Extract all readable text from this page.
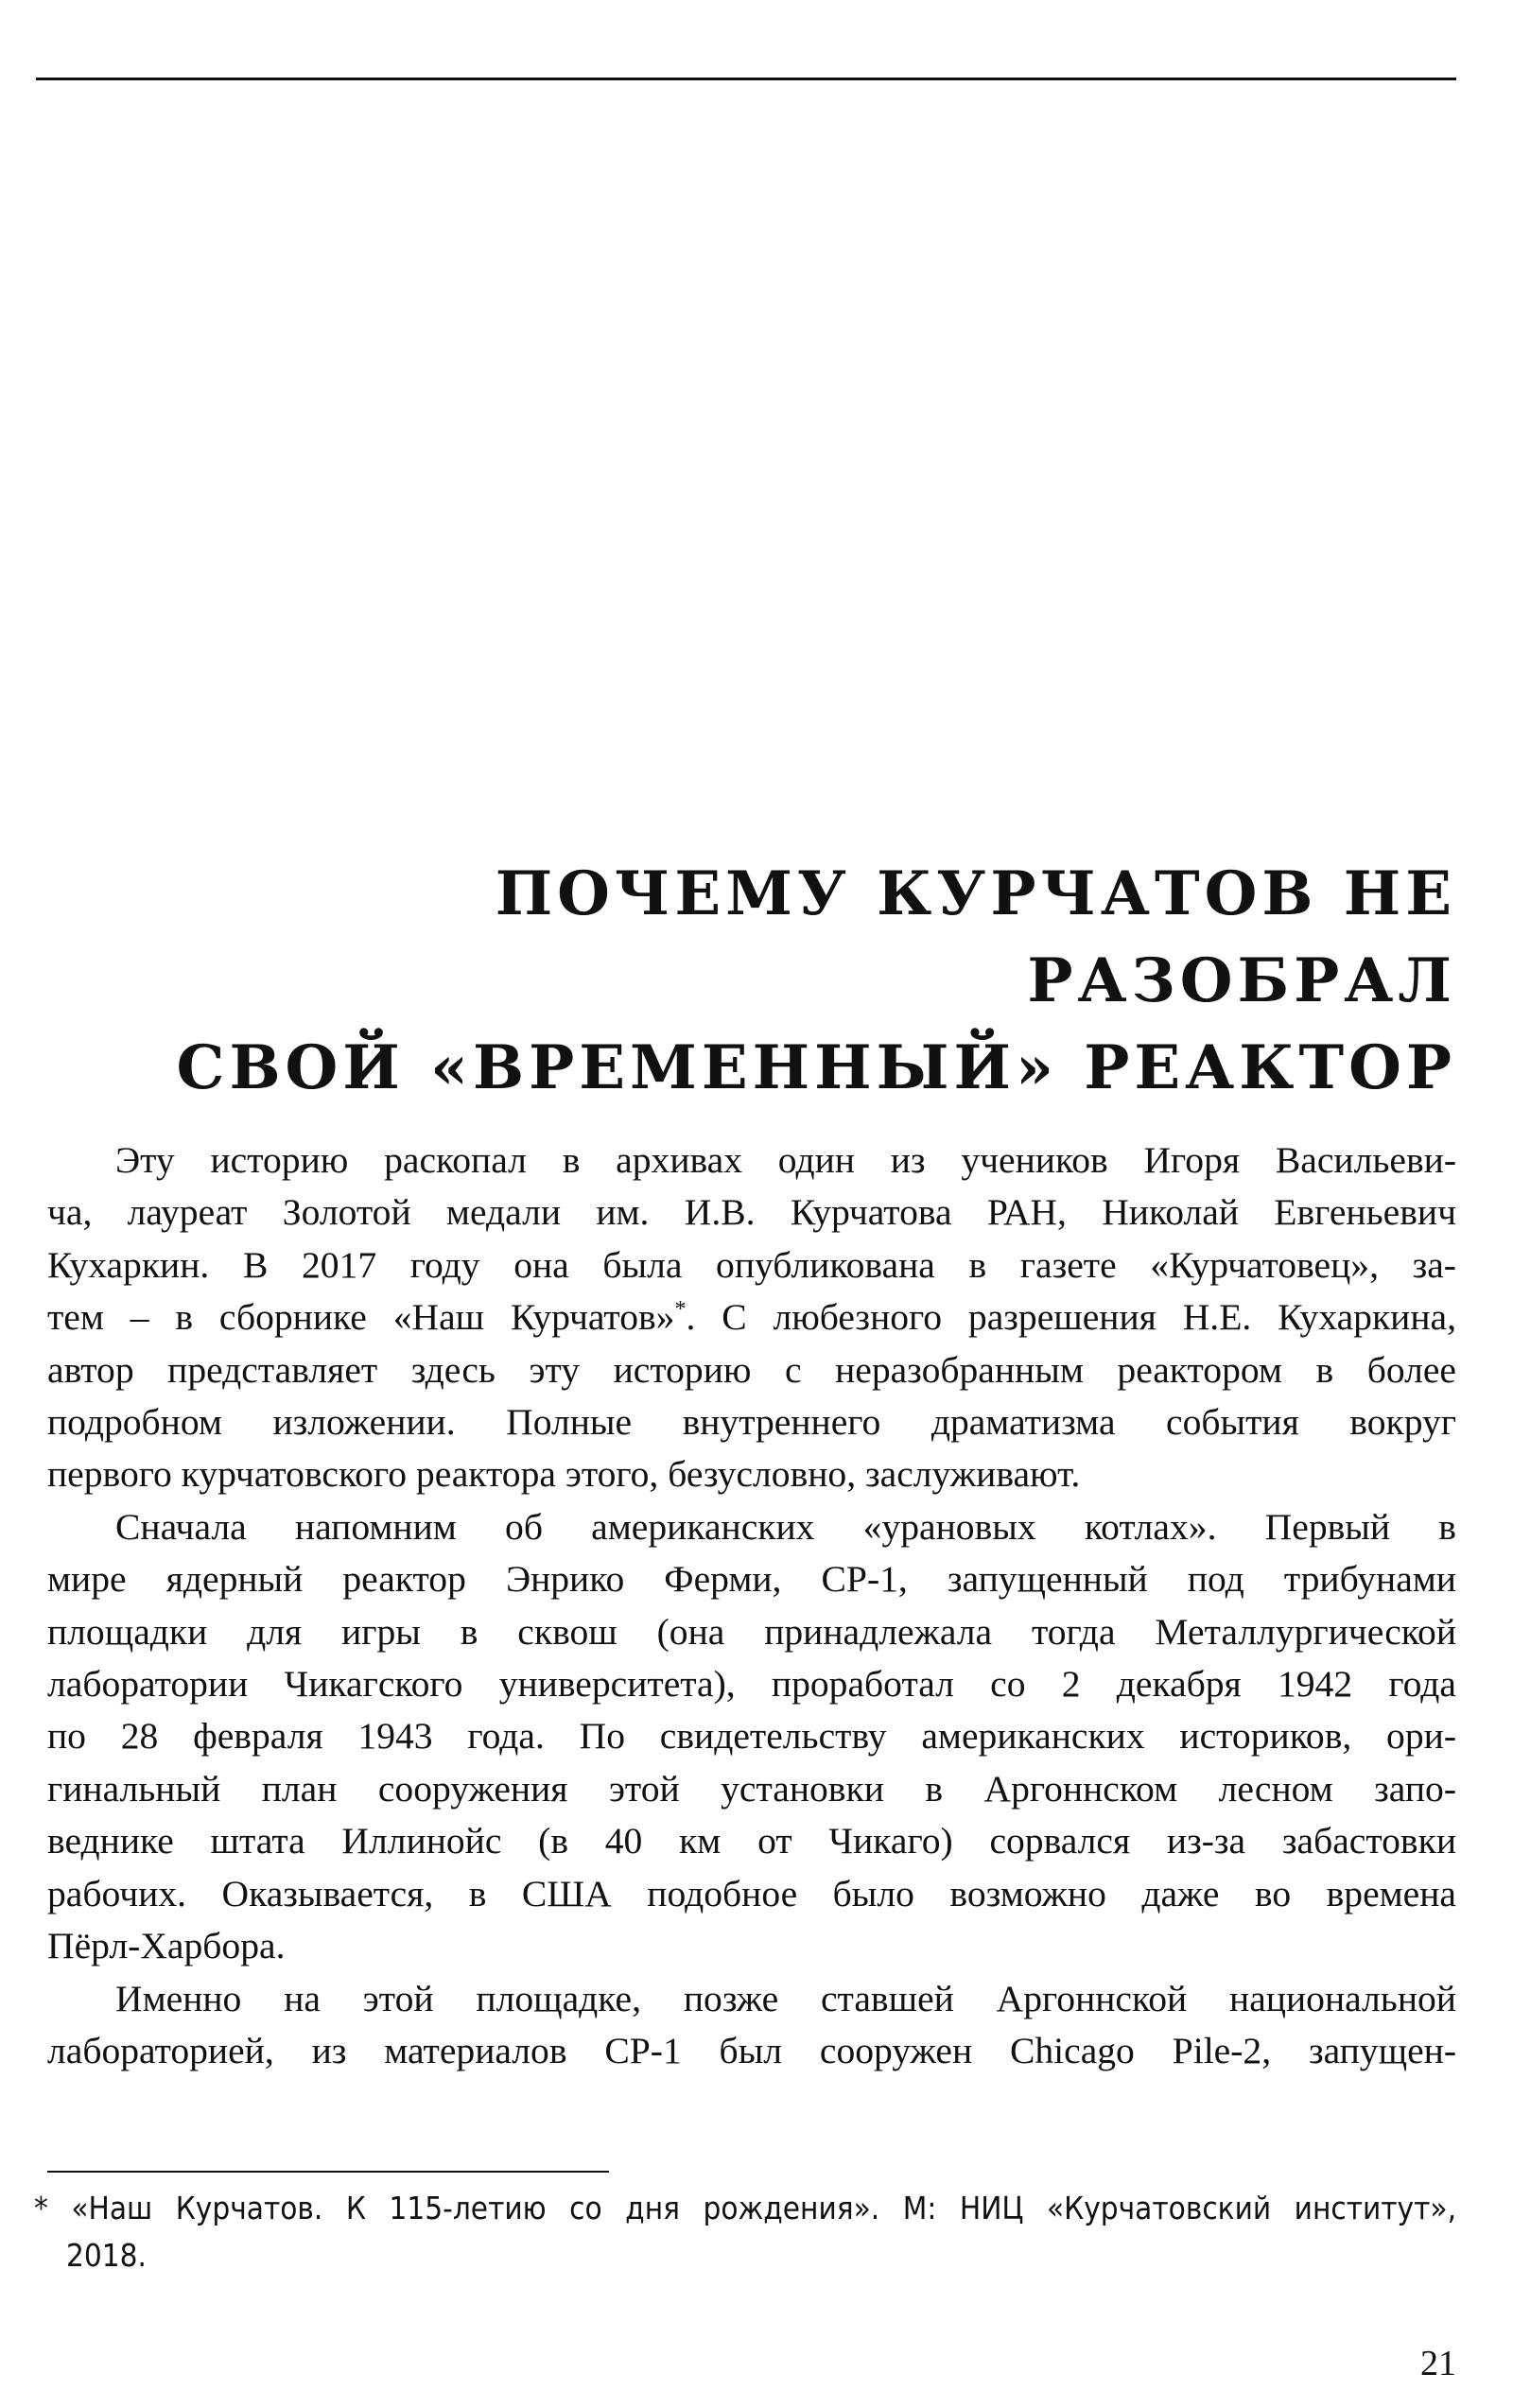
ПОЧЕМУ КУРЧАТОВ НЕ РАЗОБРАЛ
СВОЙ «ВРЕМЕННЫЙ» РЕАКТОР
Эту историю раскопал в архивах один из учеников Игоря Васильеви-
ча, лауреат Золотой медали им. И.В. Курчатова РАН, Николай Евгеньевич
Кухаркин. В 2017 году она была опубликована в газете «Курчатовец», за-
тем – в сборнике «Наш Курчатов»*. С любезного разрешения Н.Е. Кухаркина,
автор представляет здесь эту историю с неразобранным реактором в более
подробном изложении. Полные внутреннего драматизма события вокруг
первого курчатовского реактора этого, безусловно, заслуживают.
Сначала напомним об американских «урановых котлах». Первый в
мире ядерный реактор Энрико Ферми, CP-1, запущенный под трибунами
площадки для игры в сквош (она принадлежала тогда Металлургической
лаборатории Чикагского университета), проработал со 2 декабря 1942 года
по 28 февраля 1943 года. По свидетельству американских историков, ори-
гинальный план сооружения этой установки в Аргоннском лесном запо-
веднике штата Иллинойс (в 40 км от Чикаго) сорвался из-за забастовки
рабочих. Оказывается, в США подобное было возможно даже во времена
Пёрл-Харбора.
Именно на этой площадке, позже ставшей Аргоннской национальной
лабораторией, из материалов CP-1 был сооружен Chicago Pile-2, запущен-
* «Наш Курчатов. К 115-летию со дня рождения». М: НИЦ «Курчатовский институт»,
2018.
21
